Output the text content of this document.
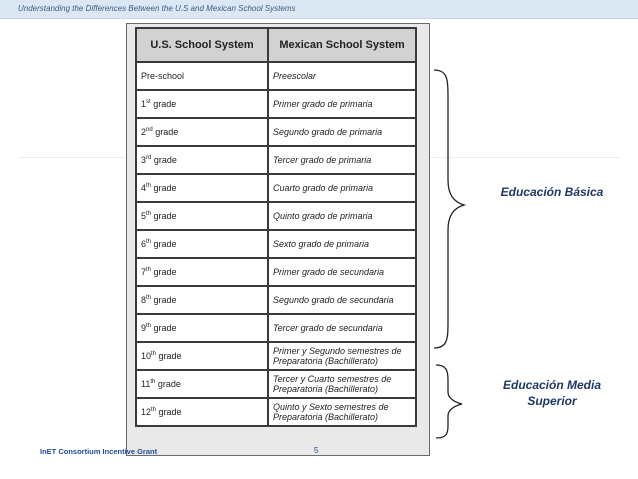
Understanding the Differences Between the U.S and Mexican School Systems
U.S. School System	Mexican School System
Pre-school	Preescolar
1st grade	Primer grado de primaria
2nd grade	Segundo grado de primaria
3rd grade	Tercer grado de primaria
4th grade	Cuarto grado de primaria
5th grade	Quinto grado de primaria
6th grade	Sexto grado de primaria
7th grade	Primer grado de secundaria
8th grade	Segundo grado de secundaria
9th grade	Tercer grado de secundaria
10th grade	Primer y Segundo semestres de Preparatoria (Bachillerato)
11th grade	Tercer y Cuarto semestres de Preparatoria (Bachillerato)
12th grade	Quinto y Sexto semestres de Preparatoria (Bachillerato)
Educación Básica
Educación Media
Superior
InET Consortium Incentive Grant	5
